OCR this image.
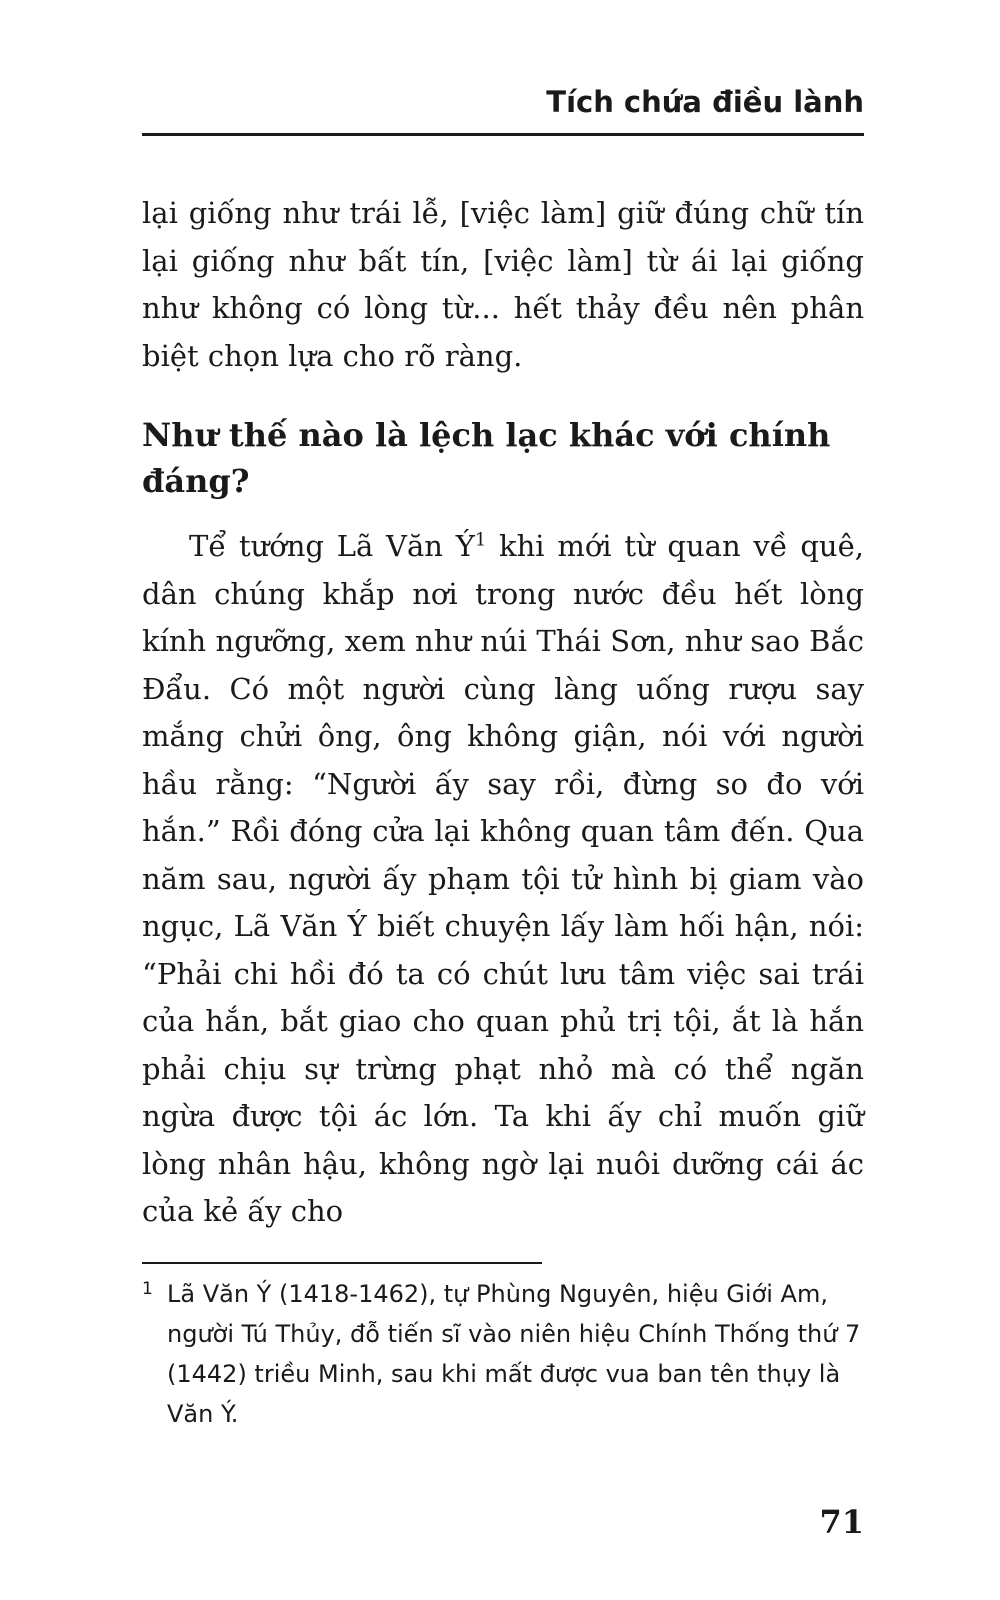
Tích chứa điều lành

lại giống như trái lễ, [việc làm] giữ đúng chữ tín lại giống như bất tín, [việc làm] từ ái lại giống như không có lòng từ... hết thảy đều nên phân biệt chọn lựa cho rõ ràng.

Như thế nào là lệch lạc khác với chính đáng?

Tể tướng Lã Văn Ý$^1$ khi mới từ quan về quê, dân chúng khắp nơi trong nước đều hết lòng kính ngưỡng, xem như núi Thái Sơn, như sao Bắc Đẩu. Có một người cùng làng uống rượu say mắng chửi ông, ông không giận, nói với người hầu rằng: “Người ấy say rồi, đừng so đo với hắn.” Rồi đóng cửa lại không quan tâm đến. Qua năm sau, người ấy phạm tội tử hình bị giam vào ngục, Lã Văn Ý biết chuyện lấy làm hối hận, nói: “Phải chi hồi đó ta có chút lưu tâm việc sai trái của hắn, bắt giao cho quan phủ trị tội, ắt là hắn phải chịu sự trừng phạt nhỏ mà có thể ngăn ngừa được tội ác lớn. Ta khi ấy chỉ muốn giữ lòng nhân hậu, không ngờ lại nuôi dưỡng cái ác của kẻ ấy cho

1 Lã Văn Ý (1418-1462), tự Phùng Nguyên, hiệu Giới Am, người Tú Thủy, đỗ tiến sĩ vào niên hiệu Chính Thống thứ 7 (1442) triều Minh, sau khi mất được vua ban tên thụy là Văn Ý.

71
